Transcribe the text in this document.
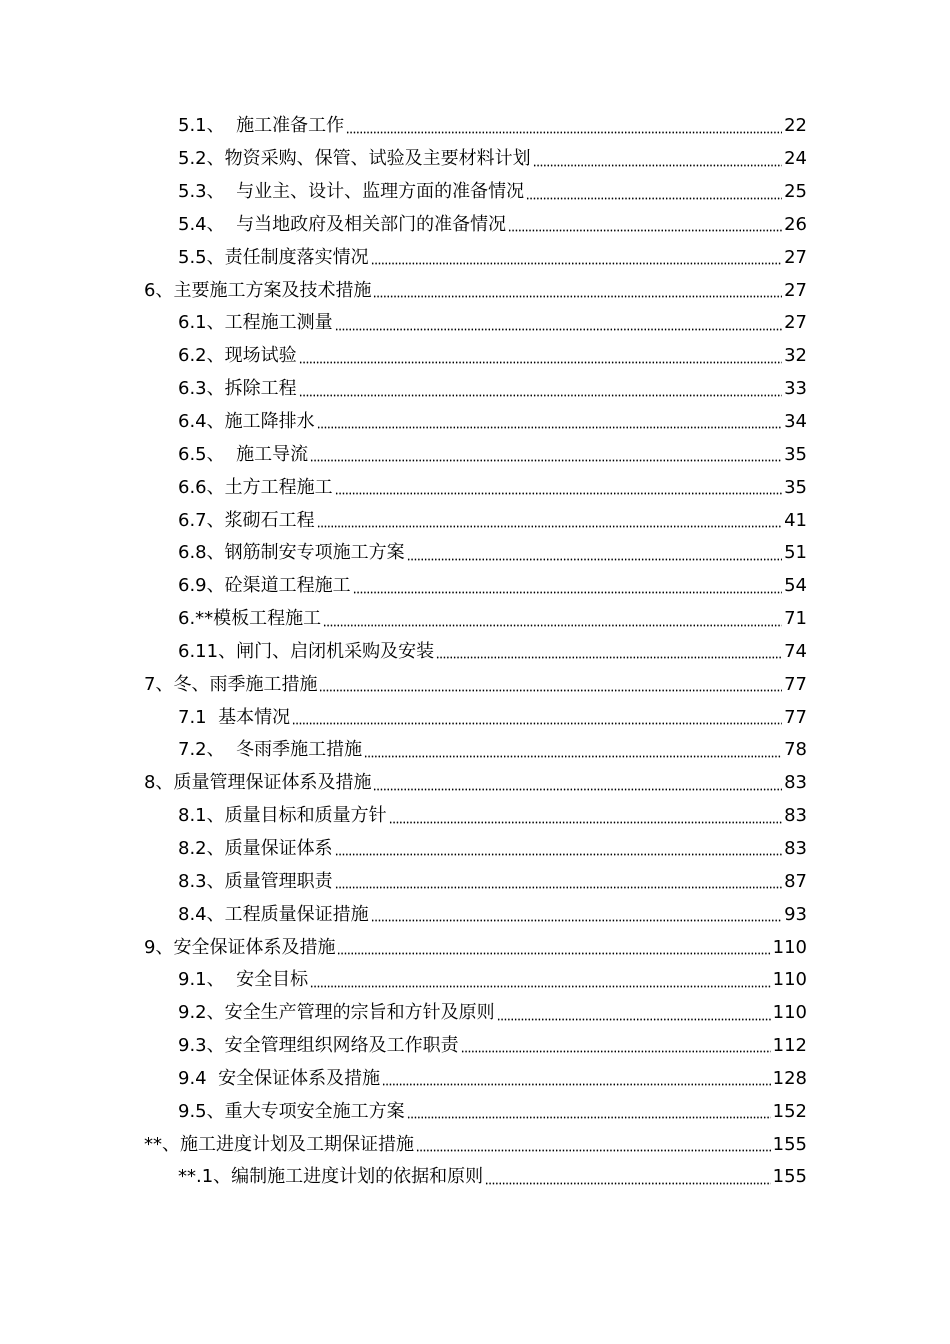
5.1、  施工准备工作	22
5.2、物资采购、保管、试验及主要材料计划	24
5.3、  与业主、设计、监理方面的准备情况	25
5.4、  与当地政府及相关部门的准备情况	26
5.5、责任制度落实情况	27
6、主要施工方案及技术措施	27
6.1、工程施工测量	27
6.2、现场试验	32
6.3、拆除工程	33
6.4、施工降排水	34
6.5、  施工导流	35
6.6、土方工程施工	35
6.7、浆砌石工程	41
6.8、钢筋制安专项施工方案	51
6.9、砼渠道工程施工	54
6.**模板工程施工	71
6.11、闸门、启闭机采购及安装	74
7、冬、雨季施工措施	77
7.1  基本情况	77
7.2、  冬雨季施工措施	78
8、质量管理保证体系及措施	83
8.1、质量目标和质量方针	83
8.2、质量保证体系	83
8.3、质量管理职责	87
8.4、工程质量保证措施	93
9、安全保证体系及措施	110
9.1、  安全目标	110
9.2、安全生产管理的宗旨和方针及原则	110
9.3、安全管理组织网络及工作职责	112
9.4  安全保证体系及措施	128
9.5、重大专项安全施工方案	152
**、施工进度计划及工期保证措施	155
**.1、编制施工进度计划的依据和原则	155
